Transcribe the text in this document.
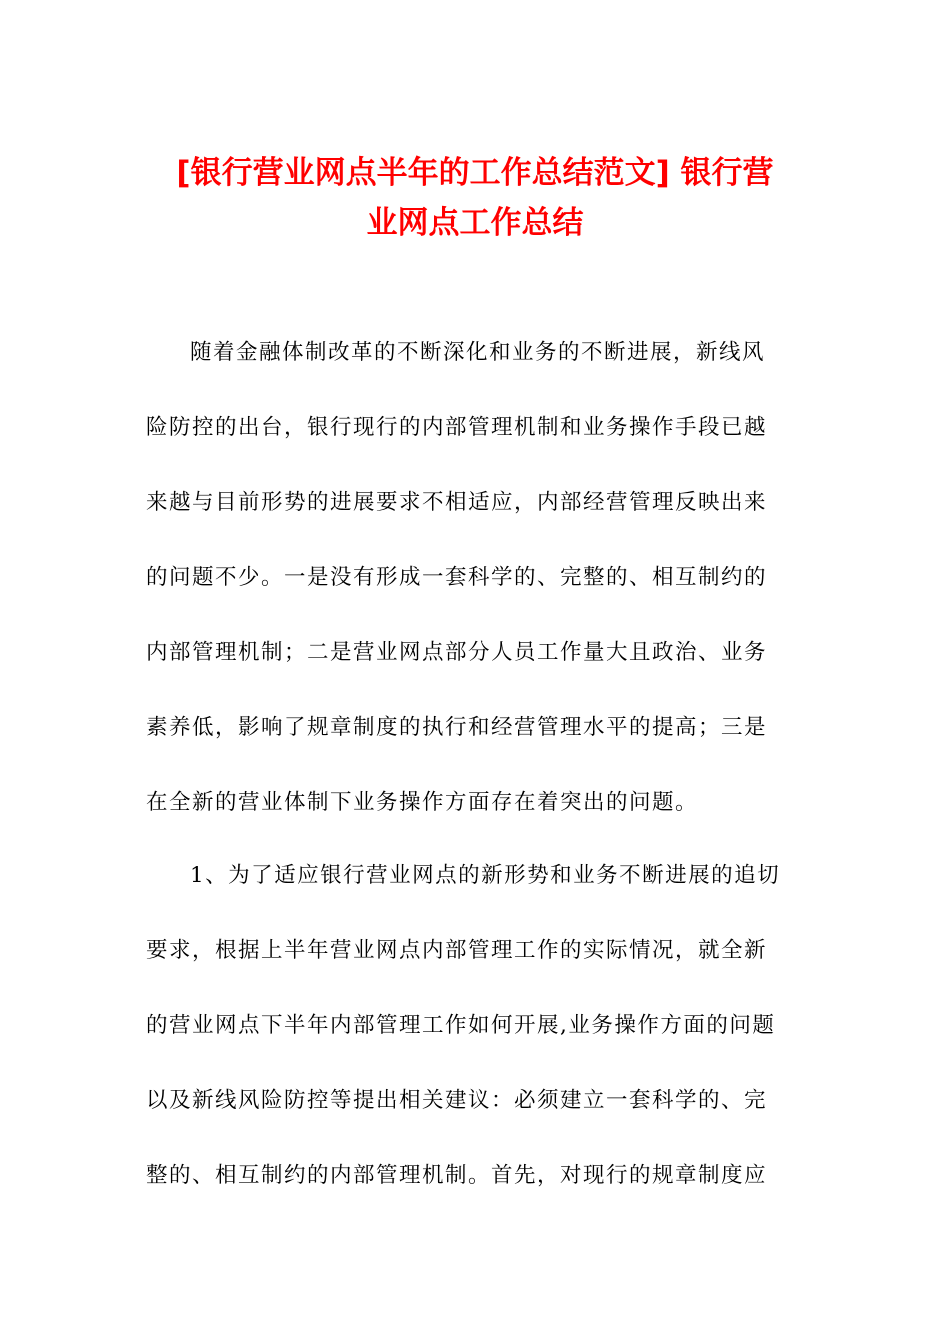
[银行营业网点半年的工作总结范文] 银行营
业网点工作总结
随着金融体制改革的不断深化和业务的不断进展，新线风
险防控的出台，银行现行的内部管理机制和业务操作手段已越
来越与目前形势的进展要求不相适应，内部经营管理反映出来
的问题不少。一是没有形成一套科学的、完整的、相互制约的
内部管理机制；二是营业网点部分人员工作量大且政治、业务
素养低，影响了规章制度的执行和经营管理水平的提高；三是
在全新的营业体制下业务操作方面存在着突出的问题。
1、为了适应银行营业网点的新形势和业务不断进展的追切
要求，根据上半年营业网点内部管理工作的实际情况，就全新
的营业网点下半年内部管理工作如何开展,业务操作方面的问题
以及新线风险防控等提出相关建议：必须建立一套科学的、完
整的、相互制约的内部管理机制。首先，对现行的规章制度应
